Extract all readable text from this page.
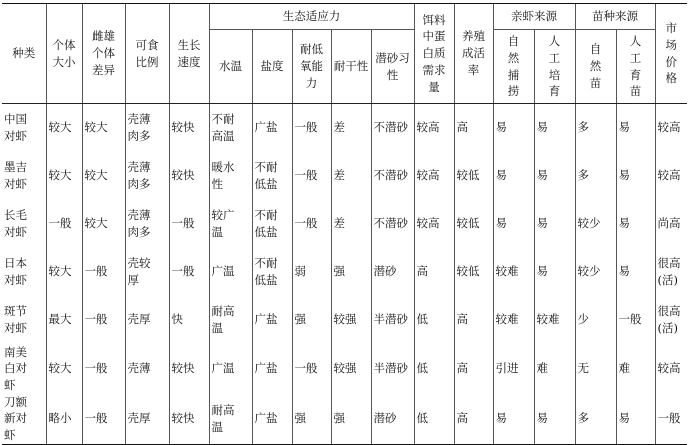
种类	个体大小	雌雄个体差异	可食比例	生长速度	生态适应力					饵料中蛋白质需求量	养殖成活率	亲虾来源		苗种来源		市场价格
					水温	盐度	耐低氧能力	耐干性	潜砂习性			自然捕捞	人工培育	自然苗	人工育苗	
中国对虾	较大	较大	壳薄肉多	较快	不耐高温	广盐	一般	差	不潜砂	较高	高	易	易	多	易	较高
墨吉对虾	较大	较大	壳薄肉多	较快	暖水性	不耐低盐	一般	差	不潜砂	较高	较低	易	易	多	易	较高
长毛对虾	一般	较大	壳薄肉多	一般	较广温	不耐低盐	一般	差	不潜砂	较高	较低	易	易	较少	易	尚高
日本对虾	较大	一般	壳较厚	一般	广温	不耐低盐	弱	强	潜砂	高	较低	较难	易	较少	易	很高(活)
斑节对虾	最大	一般	壳厚	快	耐高温	广盐	强	较强	半潜砂	低	高	较难	较难	少	一般	很高(活)
南美白对虾	较大	一般	壳薄	较快	广温	广盐	一般	较强	半潜砂	低	高	引进	难	无	难	较高
刀额新对虾	略小	一般	壳厚	较快	耐高温	广盐	强	强	潜砂	低	高	易	易	多	易	一般
